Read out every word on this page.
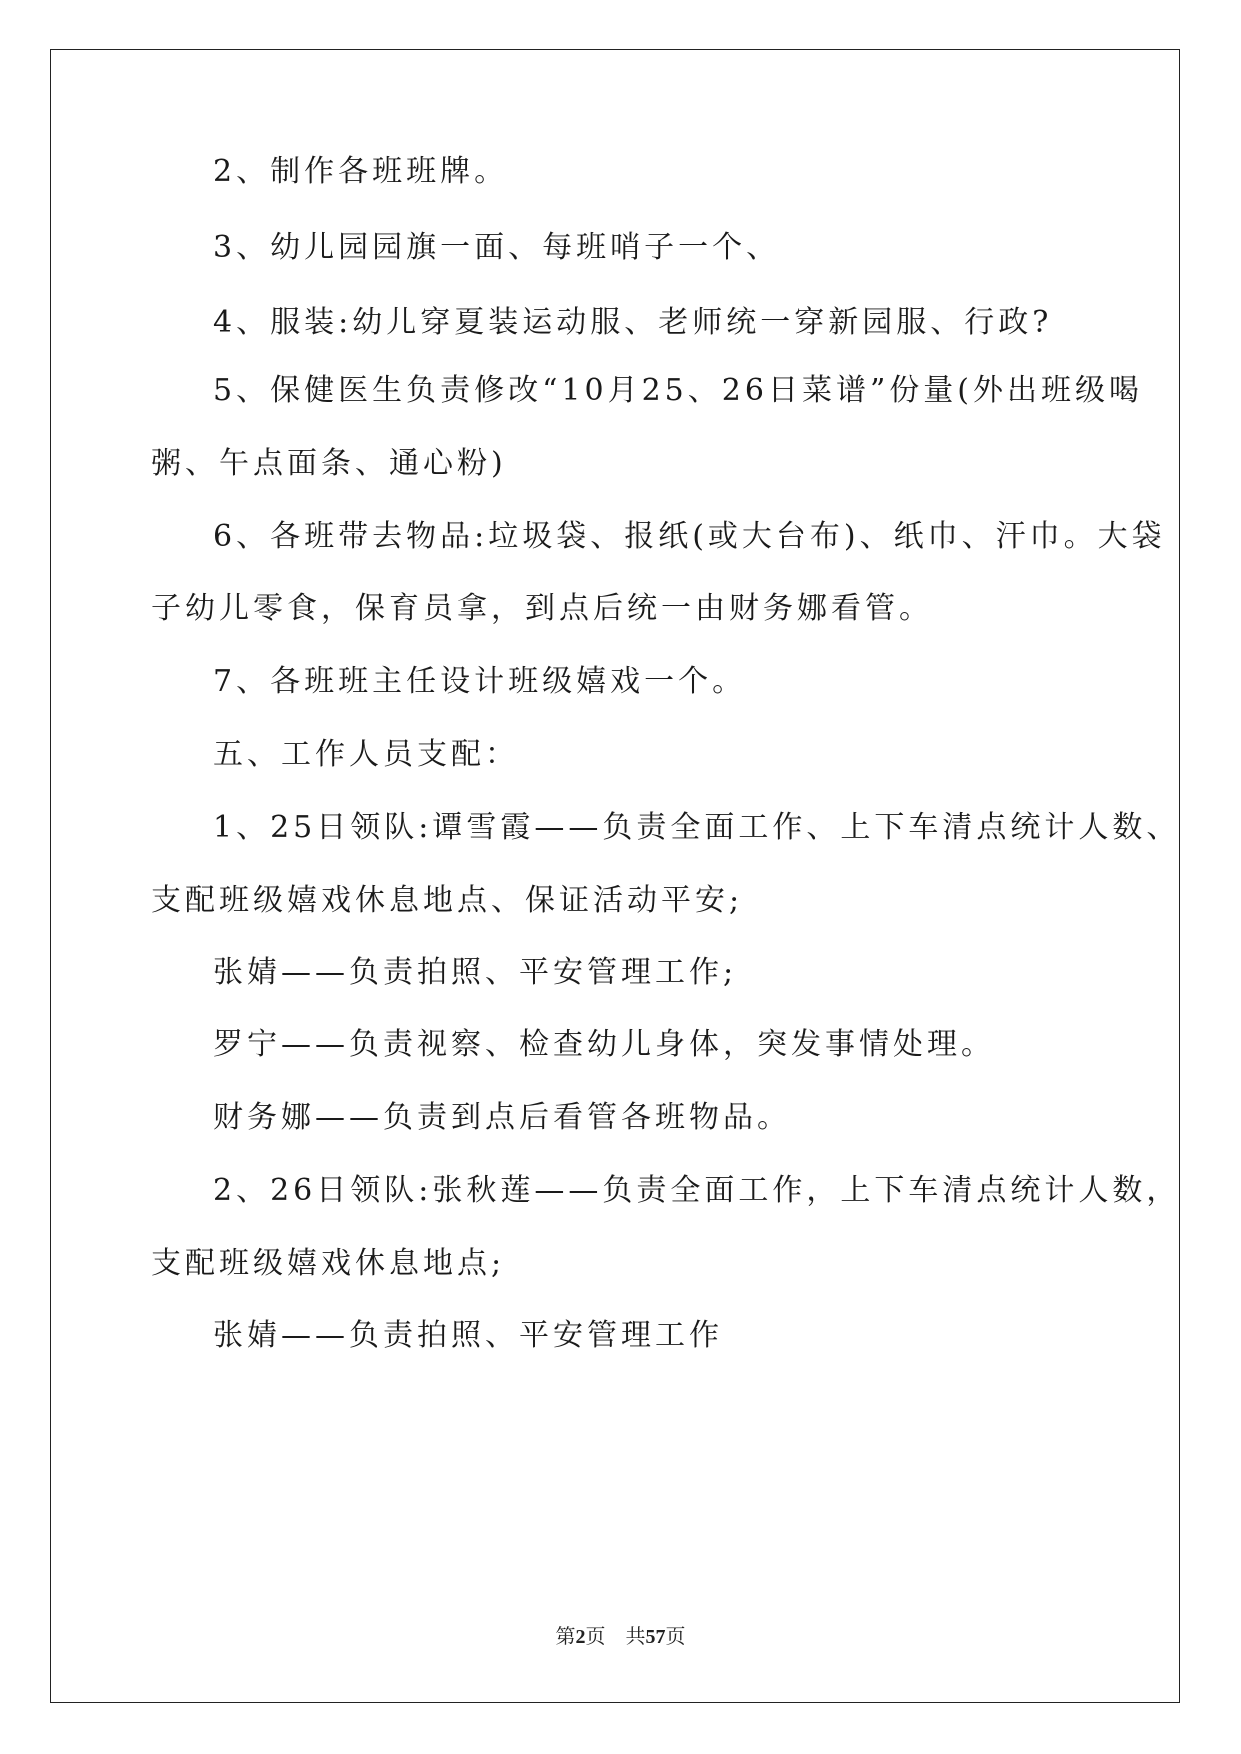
2、制作各班班牌。
3、幼儿园园旗一面、每班哨子一个、
4、服装:幼儿穿夏装运动服、老师统一穿新园服、行政?
5、保健医生负责修改“10月25、26日菜谱”份量(外出班级喝
粥、午点面条、通心粉)
6、各班带去物品:垃圾袋、报纸(或大台布)、纸巾、汗巾。大袋
子幼儿零食，保育员拿，到点后统一由财务娜看管。
7、各班班主任设计班级嬉戏一个。
五、工作人员支配：
1、25日领队:谭雪霞——负责全面工作、上下车清点统计人数、
支配班级嬉戏休息地点、保证活动平安;
张婧——负责拍照、平安管理工作;
罗宁——负责视察、检查幼儿身体，突发事情处理。
财务娜——负责到点后看管各班物品。
2、26日领队:张秋莲——负责全面工作，上下车清点统计人数，
支配班级嬉戏休息地点;
张婧——负责拍照、平安管理工作
第2页 共57页
